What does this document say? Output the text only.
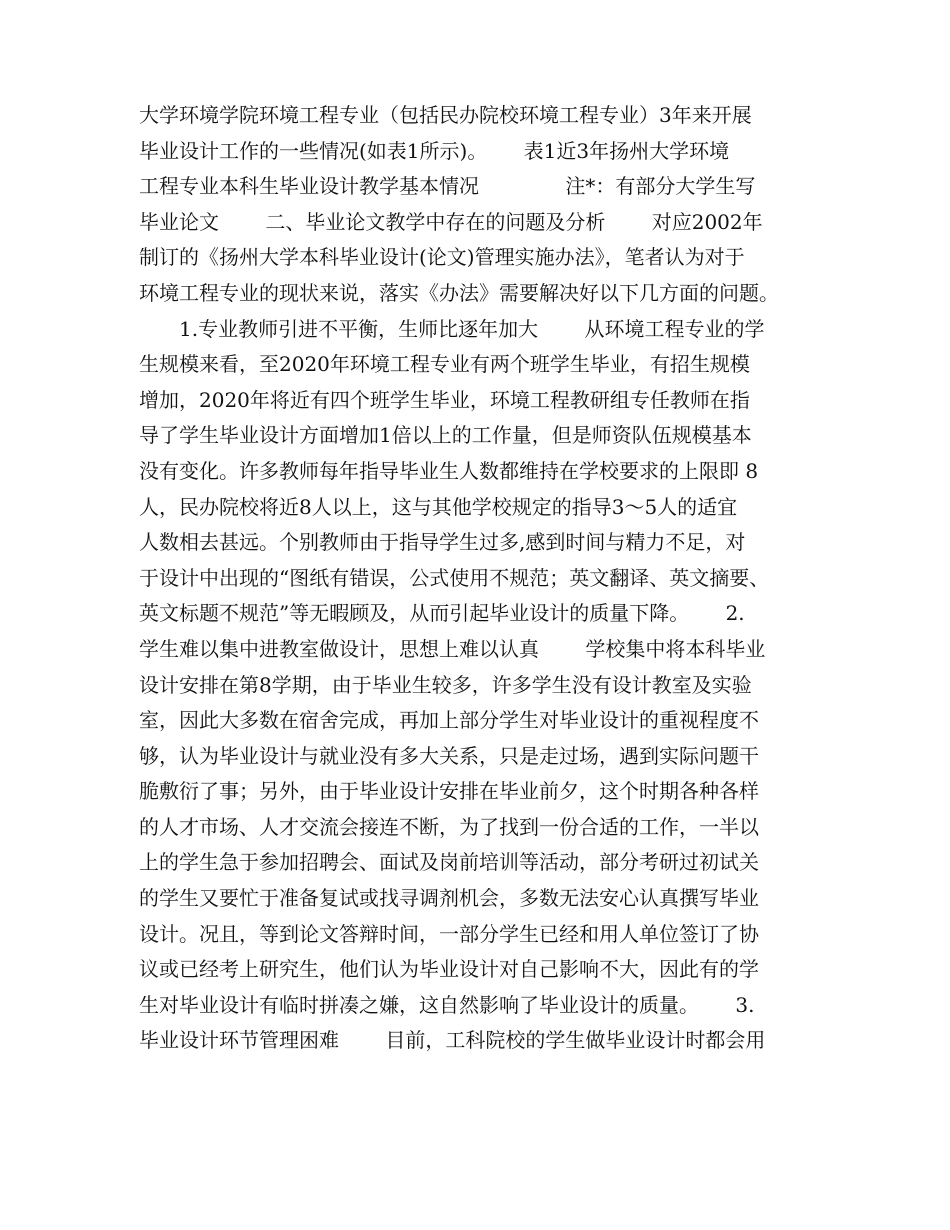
大学环境学院环境工程专业（包括民办院校环境工程专业）3年来开展
毕业设计工作的一些情况(如表1所示)。　　 表1近3年扬州大学环境
工程专业本科生毕业设计教学基本情况　　　　 注*：有部分大学生写
毕业论文　　 二、毕业论文教学中存在的问题及分析　　 对应2002年
制订的《扬州大学本科毕业设计(论文)管理实施办法》，笔者认为对于
环境工程专业的现状来说，落实《办法》需要解决好以下几方面的问题。
1.专业教师引进不平衡，生师比逐年加大　　 从环境工程专业的学
生规模来看，至2020年环境工程专业有两个班学生毕业，有招生规模
增加，2020年将近有四个班学生毕业，环境工程教研组专任教师在指
导了学生毕业设计方面增加1倍以上的工作量，但是师资队伍规模基本
没有变化。许多教师每年指导毕业生人数都维持在学校要求的上限即 8
人，民办院校将近8人以上，这与其他学校规定的指导3～5人的适宜
人数相去甚远。个别教师由于指导学生过多,感到时间与精力不足，对
于设计中出现的“图纸有错误，公式使用不规范；英文翻译、英文摘要、
英文标题不规范”等无暇顾及，从而引起毕业设计的质量下降。　　 2.
学生难以集中进教室做设计，思想上难以认真　　 学校集中将本科毕业
设计安排在第8学期，由于毕业生较多，许多学生没有设计教室及实验
室，因此大多数在宿舍完成，再加上部分学生对毕业设计的重视程度不
够，认为毕业设计与就业没有多大关系，只是走过场，遇到实际问题干
脆敷衍了事；另外，由于毕业设计安排在毕业前夕，这个时期各种各样
的人才市场、人才交流会接连不断，为了找到一份合适的工作，一半以
上的学生急于参加招聘会、面试及岗前培训等活动，部分考研过初试关
的学生又要忙于准备复试或找寻调剂机会，多数无法安心认真撰写毕业
设计。况且，等到论文答辩时间，一部分学生已经和用人单位签订了协
议或已经考上研究生，他们认为毕业设计对自己影响不大，因此有的学
生对毕业设计有临时拼凑之嫌，这自然影响了毕业设计的质量。　　 3.
毕业设计环节管理困难　　 目前，工科院校的学生做毕业设计时都会用
